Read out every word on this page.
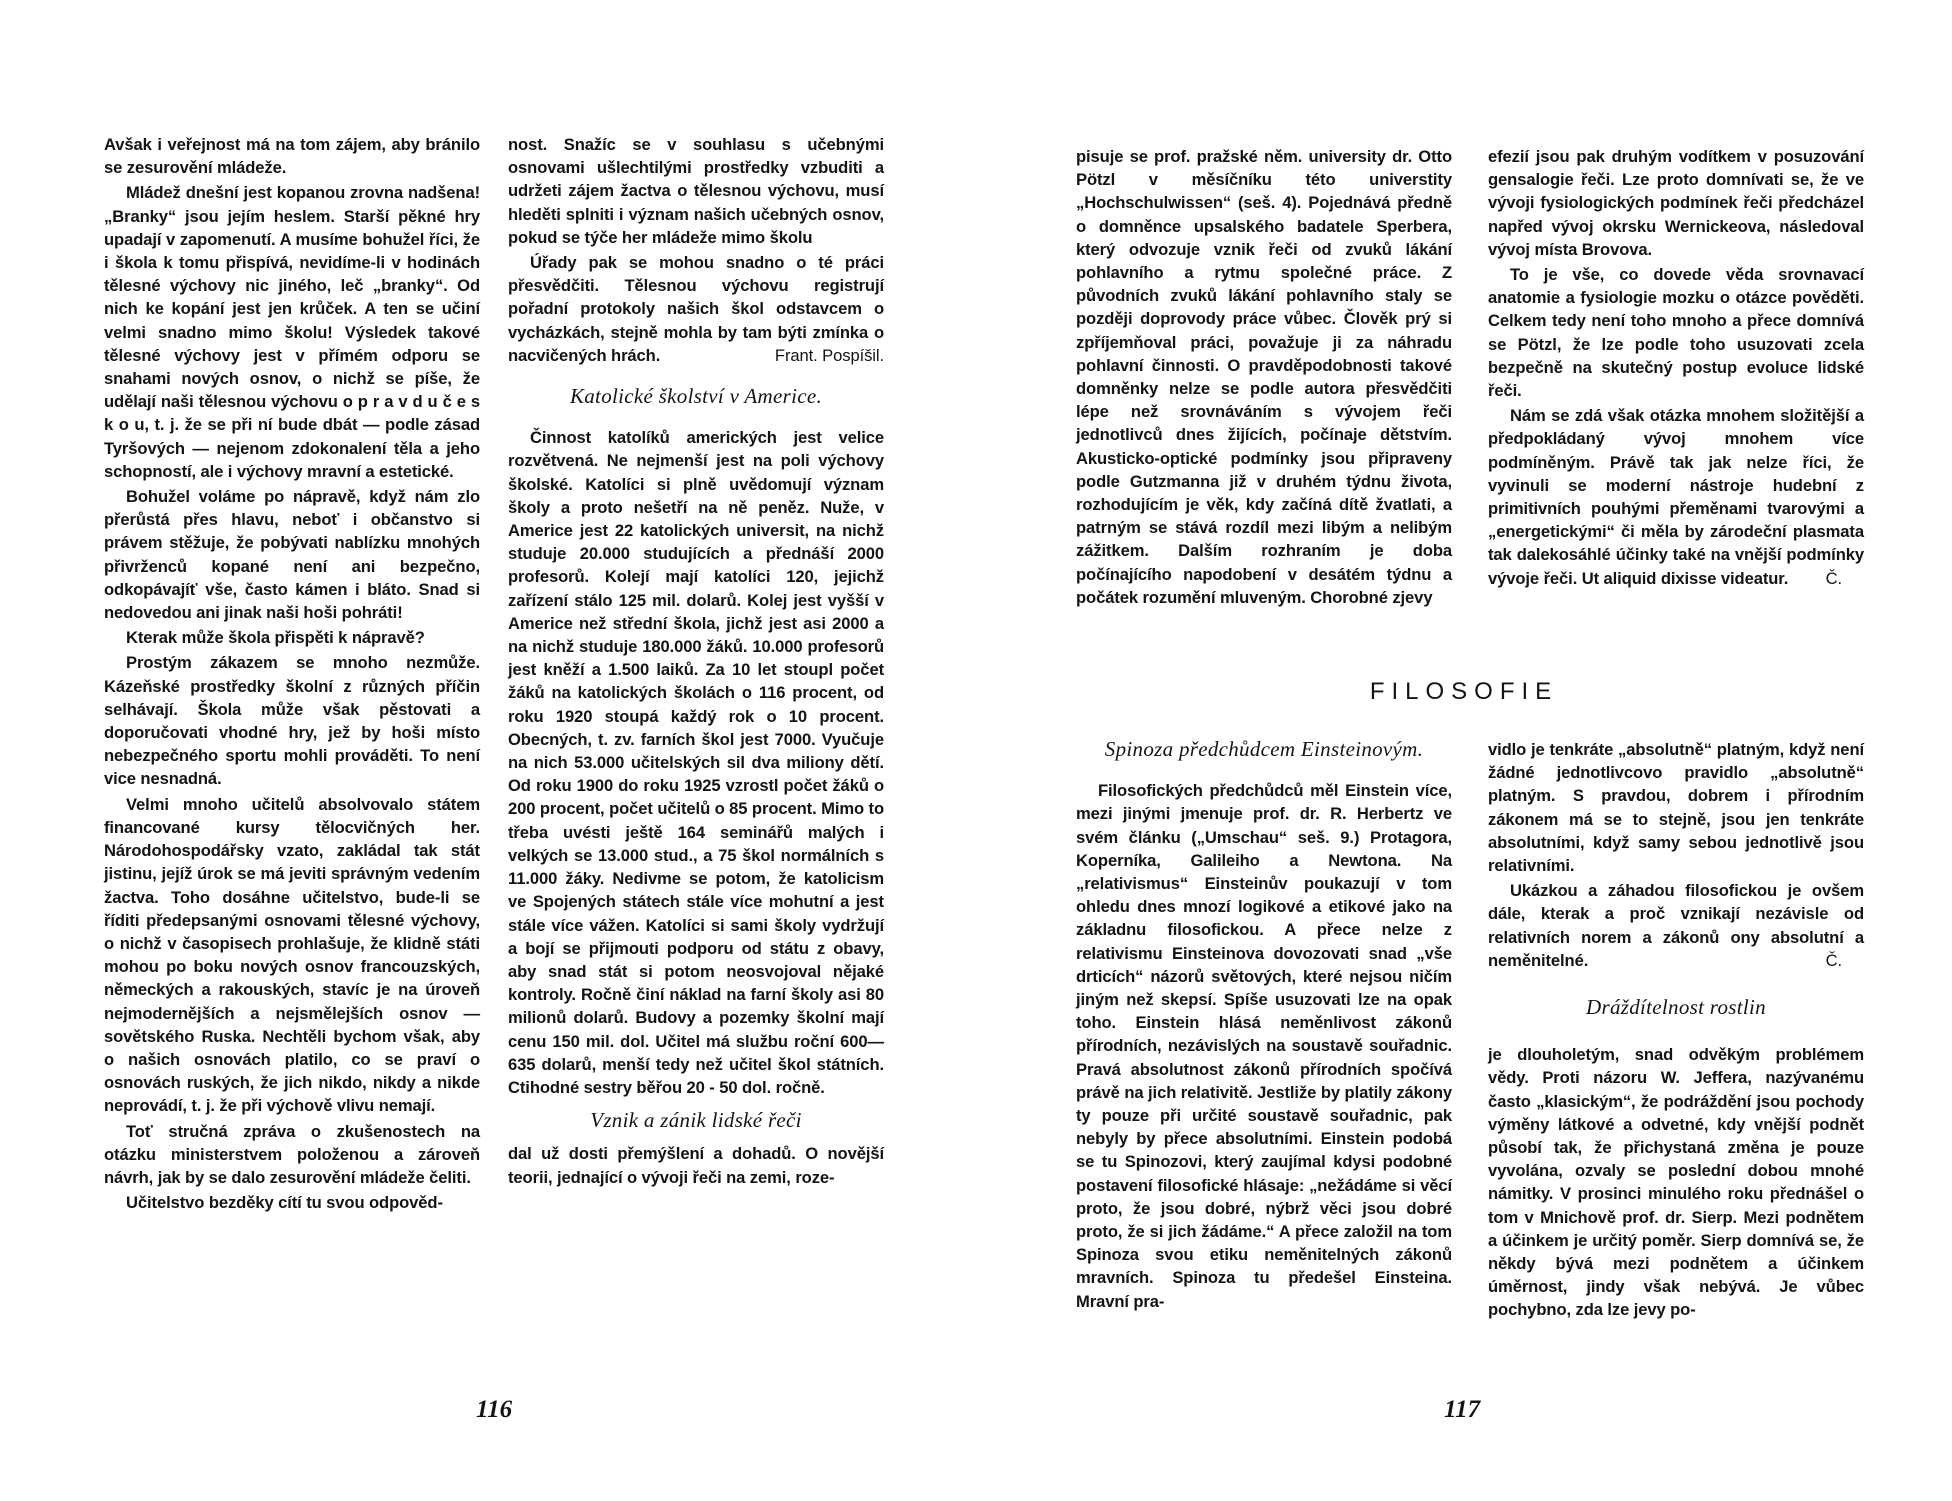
Avšak i veřejnost má na tom zájem, aby bránilo se zesurovění mládeže.

Mládež dnešní jest kopanou zrovna nadšena! „Branky“ jsou jejím heslem. Starší pěkné hry upadají v zapomenutí. A musíme bohužel říci, že i škola k tomu přispívá, nevidíme-li v hodinách tělesné výchovy nic jiného, leč „branky“. Od nich ke kopání jest jen krůček. A ten se učiní velmi snadno mimo školu! Výsledek takové tělesné výchovy jest v přímém odporu se snahami nových osnov, o nichž se píše, že udělají naši tělesnou výchovu o p r a v d u č e s k o u, t. j. že se při ní bude dbát — podle zásad Tyršových — nejenom zdokonalení těla a jeho schopností, ale i výchovy mravní a estetické.

Bohužel voláme po nápravě, když nám zlo přerůstá přes hlavu, neboť i občanstvo si právem stěžuje, že pobývati nablízku mnohých přivrženců kopané není ani bezpečno, odkopávajíť vše, často kámen i bláto. Snad si nedovedou ani jinak naši hoši pohráti!

Kterak může škola přispěti k nápravě?

Prostým zákazem se mnoho nezmůže. Kázeňské prostředky školní z různých příčin selhávají. Škola může však pěstovati a doporučovati vhodné hry, jež by hoši místo nebezpečného sportu mohli prováděti. To není vice nesnadná.

Velmi mnoho učitelů absolvovalo státem financované kursy tělocvičných her. Národohospodářsky vzato, zakládal tak stát jistinu, jejíž úrok se má jeviti správným vedením žactva. Toho dosáhne učitelstvo, bude-li se říditi předepsanými osnovami tělesné výchovy, o nichž v časopisech prohlašuje, že klidně státi mohou po boku nových osnov francouzských, německých a rakouských, stavíc je na úroveň nejmodernějších a nejsmělejších osnov — sovětského Ruska. Nechtěli bychom však, aby o našich osnovách platilo, co se praví o osnovách ruských, že jich nikdo, nikdy a nikde neprovádí, t. j. že při výchově vlivu nemají.

Toť stručná zpráva o zkušenostech na otázku ministerstvem položenou a zároveň návrh, jak by se dalo zesurovění mládeže čeliti.

Učitelstvo bezděky cítí tu svou odpověd-

nost. Snažíc se v souhlasu s učebnými osnovami ušlechtilými prostředky vzbuditi a udržeti zájem žactva o tělesnou výchovu, musí hleděti splniti i význam našich učebných osnov, pokud se týče her mládeže mimo školu

Úřady pak se mohou snadno o té práci přesvědčiti. Tělesnou výchovu registrují pořadní protokoly našich škol odstavcem o vycházkách, stejně mohla by tam býti zmínka o nacvičených hrách.	Frant. Pospíšil.

Katolické školství v Americe.

Činnost katolíků amerických jest velice rozvětvená. Ne nejmenší jest na poli výchovy školské. Katolíci si plně uvědomují význam školy a proto nešetří na ně peněz. Nuže, v Americe jest 22 katolických universit, na nichž studuje 20.000 studujících a přednáší 2000 profesorů. Kolejí mají katolíci 120, jejichž zařízení stálo 125 mil. dolarů. Kolej jest vyšší v Americe než střední škola, jichž jest asi 2000 a na nichž studuje 180.000 žáků. 10.000 profesorů jest kněží a 1.500 laiků. Za 10 let stoupl počet žáků na katolických školách o 116 procent, od roku 1920 stoupá každý rok o 10 procent. Obecných, t. zv. farních škol jest 7000. Vyučuje na nich 53.000 učitelských sil dva miliony dětí. Od roku 1900 do roku 1925 vzrostl počet žáků o 200 procent, počet učitelů o 85 procent. Mimo to třeba uvésti ještě 164 seminářů malých i velkých se 13.000 stud., a 75 škol normálních s 11.000 žáky. Nedivme se potom, že katolicism ve Spojených státech stále více mohutní a jest stále více vážen. Katolíci si sami školy vydržují a bojí se přijmouti podporu od státu z obavy, aby snad stát si potom neosvojoval nějaké kontroly. Ročně činí náklad na farní školy asi 80 milionů dolarů. Budovy a pozemky školní mají cenu 150 mil. dol. Učitel má službu roční 600—635 dolarů, menší tedy než učitel škol státních. Ctihodné sestry běřou 20 - 50 dol. ročně.

Vznik a zánik lidské řeči

dal už dosti přemýšlení a dohadů. O novější teorii, jednající o vývoji řeči na zemi, roze-

116

pisuje se prof. pražské něm. university dr. Otto Pötzl v měsíčníku této universtity „Hochschulwissen“ (seš. 4). Pojednává předně o domněnce upsalského badatele Sperbera, který odvozuje vznik řeči od zvuků lákání pohlavního a rytmu společné práce. Z původních zvuků lákání pohlavního staly se později doprovody práce vůbec. Člověk prý si zpříjemňoval práci, považuje ji za náhradu pohlavní činnosti. O pravděpodobnosti takové domněnky nelze se podle autora přesvědčiti lépe než srovnáváním s vývojem řeči jednotlivců dnes žijících, počínaje dětstvím. Akusticko-optické podmínky jsou připraveny podle Gutzmanna již v druhém týdnu života, rozhodujícím je věk, kdy začíná dítě žvatlati, a patrným se stává rozdíl mezi libým a nelibým zážitkem. Dalším rozhraním je doba počínajícího napodobení v desátém týdnu a počátek rozumění mluveným. Chorobné zjevy

efezií jsou pak druhým vodítkem v posuzování gensalogie řeči. Lze proto domnívati se, že ve vývoji fysiologických podmínek řeči předcházel napřed vývoj okrsku Wernickeova, následoval vývoj místa Brovova.

To je vše, co dovede věda srovnavací anatomie a fysiologie mozku o otázce pověděti. Celkem tedy není toho mnoho a přece domnívá se Pötzl, že lze podle toho usuzovati zcela bezpečně na skutečný postup evoluce lidské řeči.

Nám se zdá však otázka mnohem složitější a předpokládaný vývoj mnohem více podmíněným. Právě tak jak nelze říci, že vyvinuli se moderní nástroje hudební z primitivních pouhými přeměnami tvarovými a „energetickými“ či měla by zárodeční plasmata tak dalekosáhlé účinky také na vnější podmínky vývoje řeči. Ut aliquid dixisse videatur.	Č.

FILOSOFIE
Spinoza předchůdcem Einsteinovým.

Filosofických předchůdců měl Einstein více, mezi jinými jmenuje prof. dr. R. Herbertz ve svém článku („Umschau“ seš. 9.) Protagora, Koperníka, Galileiho a Newtona. Na „relativismus“ Einsteinův poukazují v tom ohledu dnes mnozí logikové a etikové jako na základnu filosofickou. A přece nelze z relativismu Einsteinova dovozovati snad „vše drticích“ názorů světových, které nejsou ničím jiným než skepsí. Spíše usuzovati lze na opak toho. Einstein hlásá neměnlivost zákonů přírodních, nezávislých na soustavě souřadnic. Pravá absolutnost zákonů přírodních spočívá právě na jich relativitě. Jestliže by platily zákony ty pouze při určité soustavě souřadnic, pak nebyly by přece absolutními. Einstein podobá se tu Spinozovi, který zaujímal kdysi podobné postavení filosofické hlásaje: „nežádáme si věcí proto, že jsou dobré, nýbrž věci jsou dobré proto, že si jich žádáme.“ A přece založil na tom Spinoza svou etiku neměnitelných zákonů mravních. Spinoza tu předešel Einsteina. Mravní pra-

vidlo je tenkráte „absolutně“ platným, když není žádné jednotlivcovo pravidlo „absolutně“ platným. S pravdou, dobrem i přírodním zákonem má se to stejně, jsou jen tenkráte absolutními, když samy sebou jednotlivě jsou relativními.

Ukázkou a záhadou filosofickou je ovšem dále, kterak a proč vznikají nezávisle od relativních norem a zákonů ony absolutní a neměnitelné.	Č.

Dráždítelnost rostlin

je dlouholetým, snad odvěkým problémem vědy. Proti názoru W. Jeffera, nazývanému často „klasickým“, že podráždění jsou pochody výměny látkové a odvetné, kdy vnější podnět působí tak, že přichystaná změna je pouze vyvolána, ozvaly se poslední dobou mnohé námitky. V prosinci minulého roku přednášel o tom v Mnichově prof. dr. Sierp. Mezi podnětem a účinkem je určitý poměr. Sierp domnívá se, že někdy bývá mezi podnětem a účinkem úměrnost, jindy však nebývá. Je vůbec pochybno, zda lze jevy po-

117
